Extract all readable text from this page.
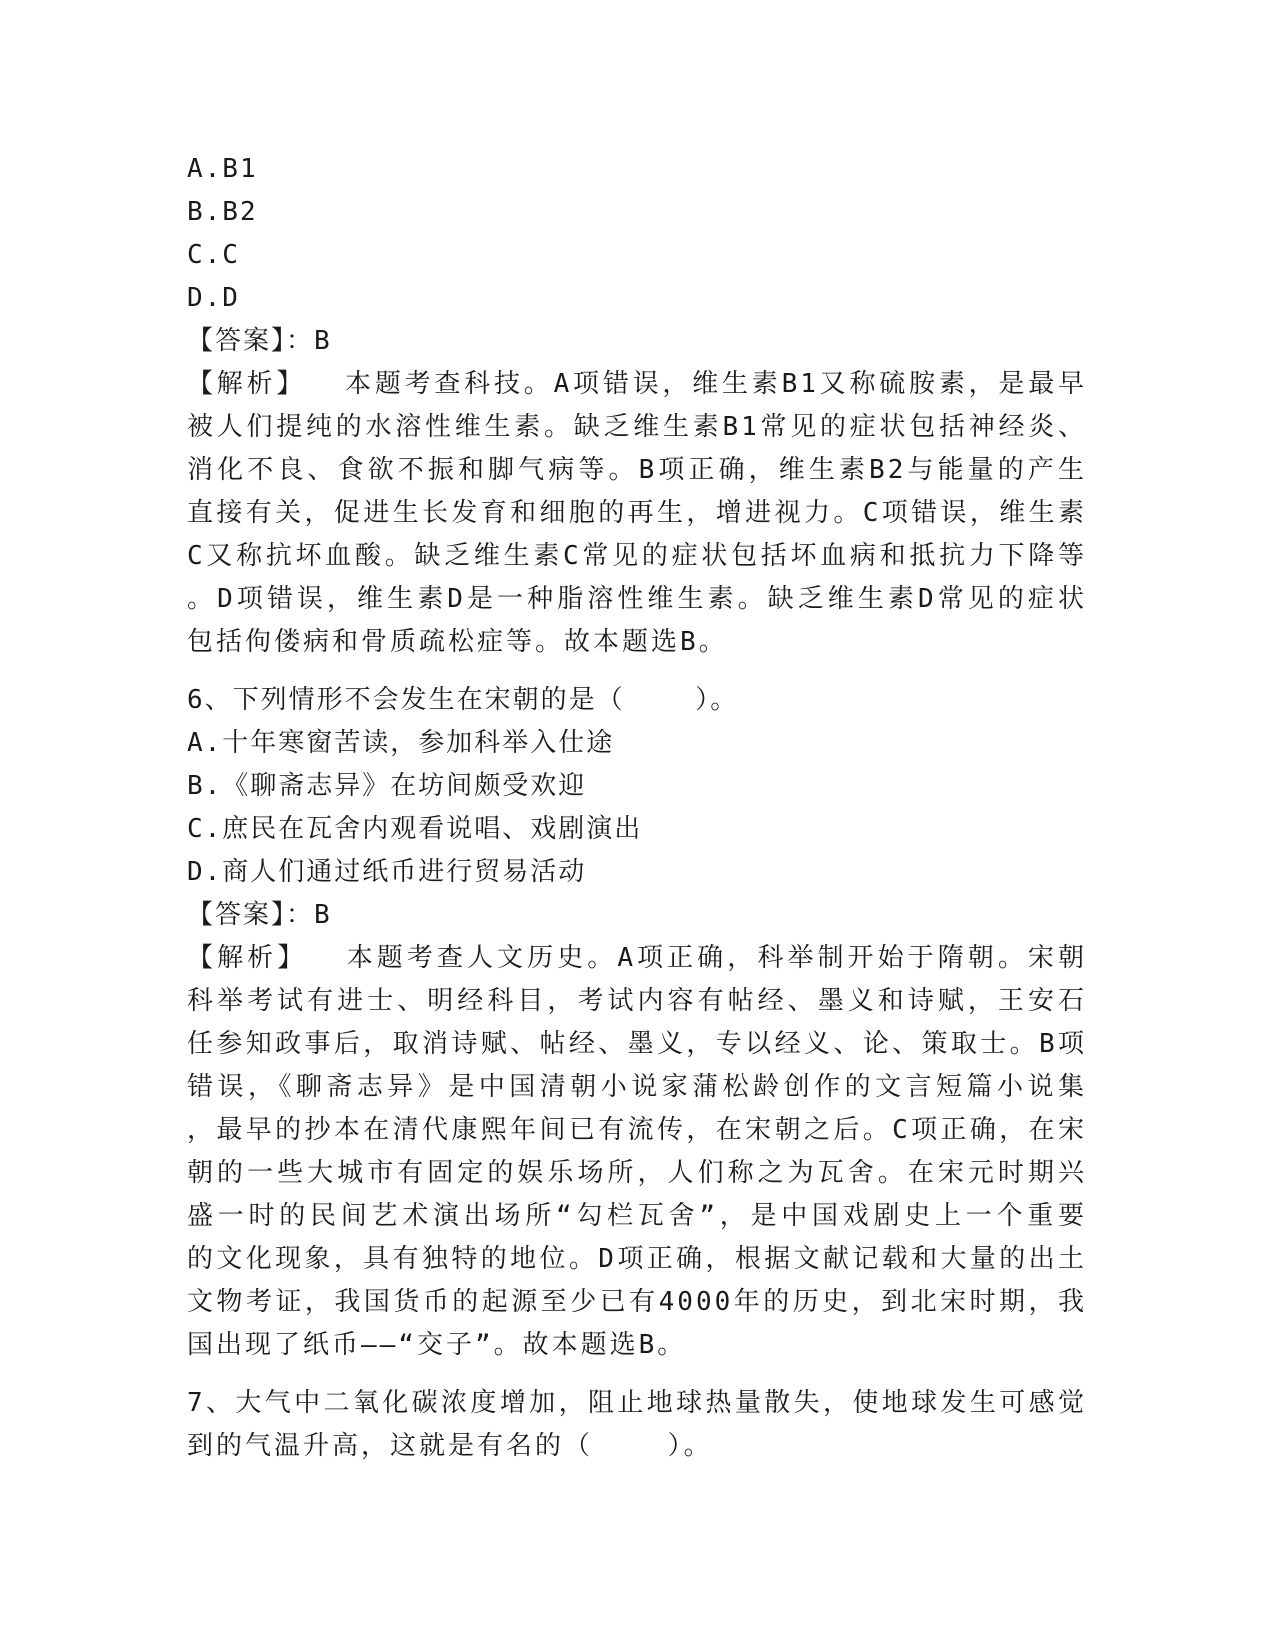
A.B1
B.B2
C.C
D.D
【答案】：B
【解析】  本题考查科技。A项错误，维生素B1又称硫胺素，是最早
被人们提纯的水溶性维生素。缺乏维生素B1常见的症状包括神经炎、
消化不良、食欲不振和脚气病等。B项正确，维生素B2与能量的产生
直接有关，促进生长发育和细胞的再生，增进视力。C项错误，维生素
C又称抗坏血酸。缺乏维生素C常见的症状包括坏血病和抵抗力下降等
。D项错误，维生素D是一种脂溶性维生素。缺乏维生素D常见的症状
包括佝偻病和骨质疏松症等。故本题选B。
6、下列情形不会发生在宋朝的是（    ）。
A.十年寒窗苦读，参加科举入仕途
B.《聊斋志异》在坊间颇受欢迎
C.庶民在瓦舍内观看说唱、戏剧演出
D.商人们通过纸币进行贸易活动
【答案】：B
【解析】  本题考查人文历史。A项正确，科举制开始于隋朝。宋朝
科举考试有进士、明经科目，考试内容有帖经、墨义和诗赋，王安石
任参知政事后，取消诗赋、帖经、墨义，专以经义、论、策取士。B项
错误，《聊斋志异》是中国清朝小说家蒲松龄创作的文言短篇小说集
，最早的抄本在清代康熙年间已有流传，在宋朝之后。C项正确，在宋
朝的一些大城市有固定的娱乐场所，人们称之为瓦舍。在宋元时期兴
盛一时的民间艺术演出场所“勾栏瓦舍”，是中国戏剧史上一个重要
的文化现象，具有独特的地位。D项正确，根据文献记载和大量的出土
文物考证，我国货币的起源至少已有4000年的历史，到北宋时期，我
国出现了纸币——“交子”。故本题选B。
7、大气中二氧化碳浓度增加，阻止地球热量散失，使地球发生可感觉
到的气温升高，这就是有名的（    ）。
